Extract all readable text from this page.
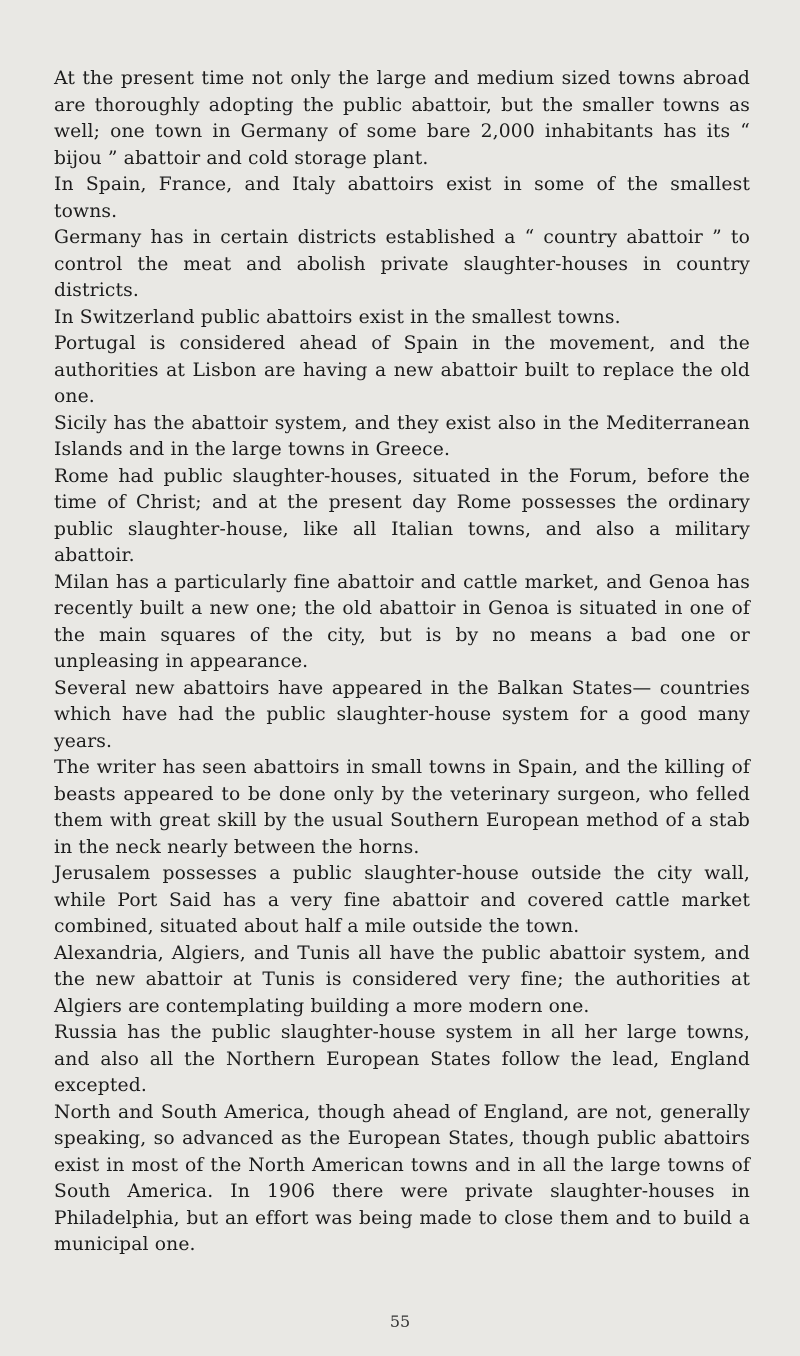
At the present time not only the large and medium sized towns abroad are thoroughly adopting the public abattoir, but the smaller towns as well; one town in Germany of some bare 2,000 inhabitants has its “ bijou ” abattoir and cold storage plant.

In Spain, France, and Italy abattoirs exist in some of the smallest towns.

Germany has in certain districts established a “ country abattoir ” to control the meat and abolish private slaughter-houses in country districts.

In Switzerland public abattoirs exist in the smallest towns.

Portugal is considered ahead of Spain in the movement, and the authorities at Lisbon are having a new abattoir built to replace the old one.

Sicily has the abattoir system, and they exist also in the Mediterranean Islands and in the large towns in Greece.

Rome had public slaughter-houses, situated in the Forum, before the time of Christ; and at the present day Rome possesses the ordinary public slaughter-house, like all Italian towns, and also a military abattoir.

Milan has a particularly fine abattoir and cattle market, and Genoa has recently built a new one; the old abattoir in Genoa is situated in one of the main squares of the city, but is by no means a bad one or unpleasing in appearance.

Several new abattoirs have appeared in the Balkan States— countries which have had the public slaughter-house system for a good many years.

The writer has seen abattoirs in small towns in Spain, and the killing of beasts appeared to be done only by the veterinary surgeon, who felled them with great skill by the usual Southern European method of a stab in the neck nearly between the horns.

Jerusalem possesses a public slaughter-house outside the city wall, while Port Said has a very fine abattoir and covered cattle market combined, situated about half a mile outside the town.

Alexandria, Algiers, and Tunis all have the public abattoir system, and the new abattoir at Tunis is considered very fine; the authorities at Algiers are contemplating building a more modern one.

Russia has the public slaughter-house system in all her large towns, and also all the Northern European States follow the lead, England excepted.

North and South America, though ahead of England, are not, generally speaking, so advanced as the European States, though public abattoirs exist in most of the North American towns and in all the large towns of South America. In 1906 there were private slaughter-houses in Philadelphia, but an effort was being made to close them and to build a municipal one.

55
